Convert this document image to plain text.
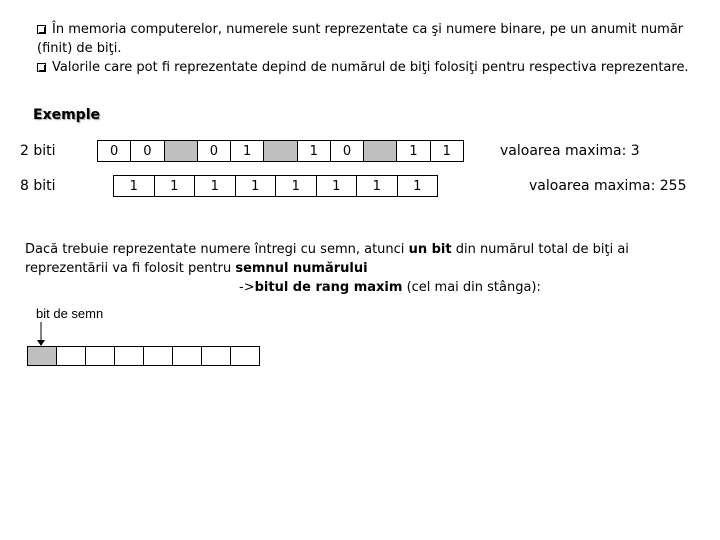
În memoria computerelor, numerele sunt reprezentate ca şi numere binare, pe un anumit număr
(finit) de biţi.
Valorile care pot fi reprezentate depind de numărul de biţi folosiţi pentru respectiva reprezentare.
Exemple
2 biti	0	0	0	1	1	0	1	1	valoarea maxima: 3
8 biti	1	1	1	1	1	1	1	1	valoarea maxima: 255
Dacă trebuie reprezentate numere întregi cu semn, atunci un bit din numărul total de biţi ai
reprezentării va fi folosit pentru semnul numărului
->bitul de rang maxim (cel mai din stânga):
bit de semn
